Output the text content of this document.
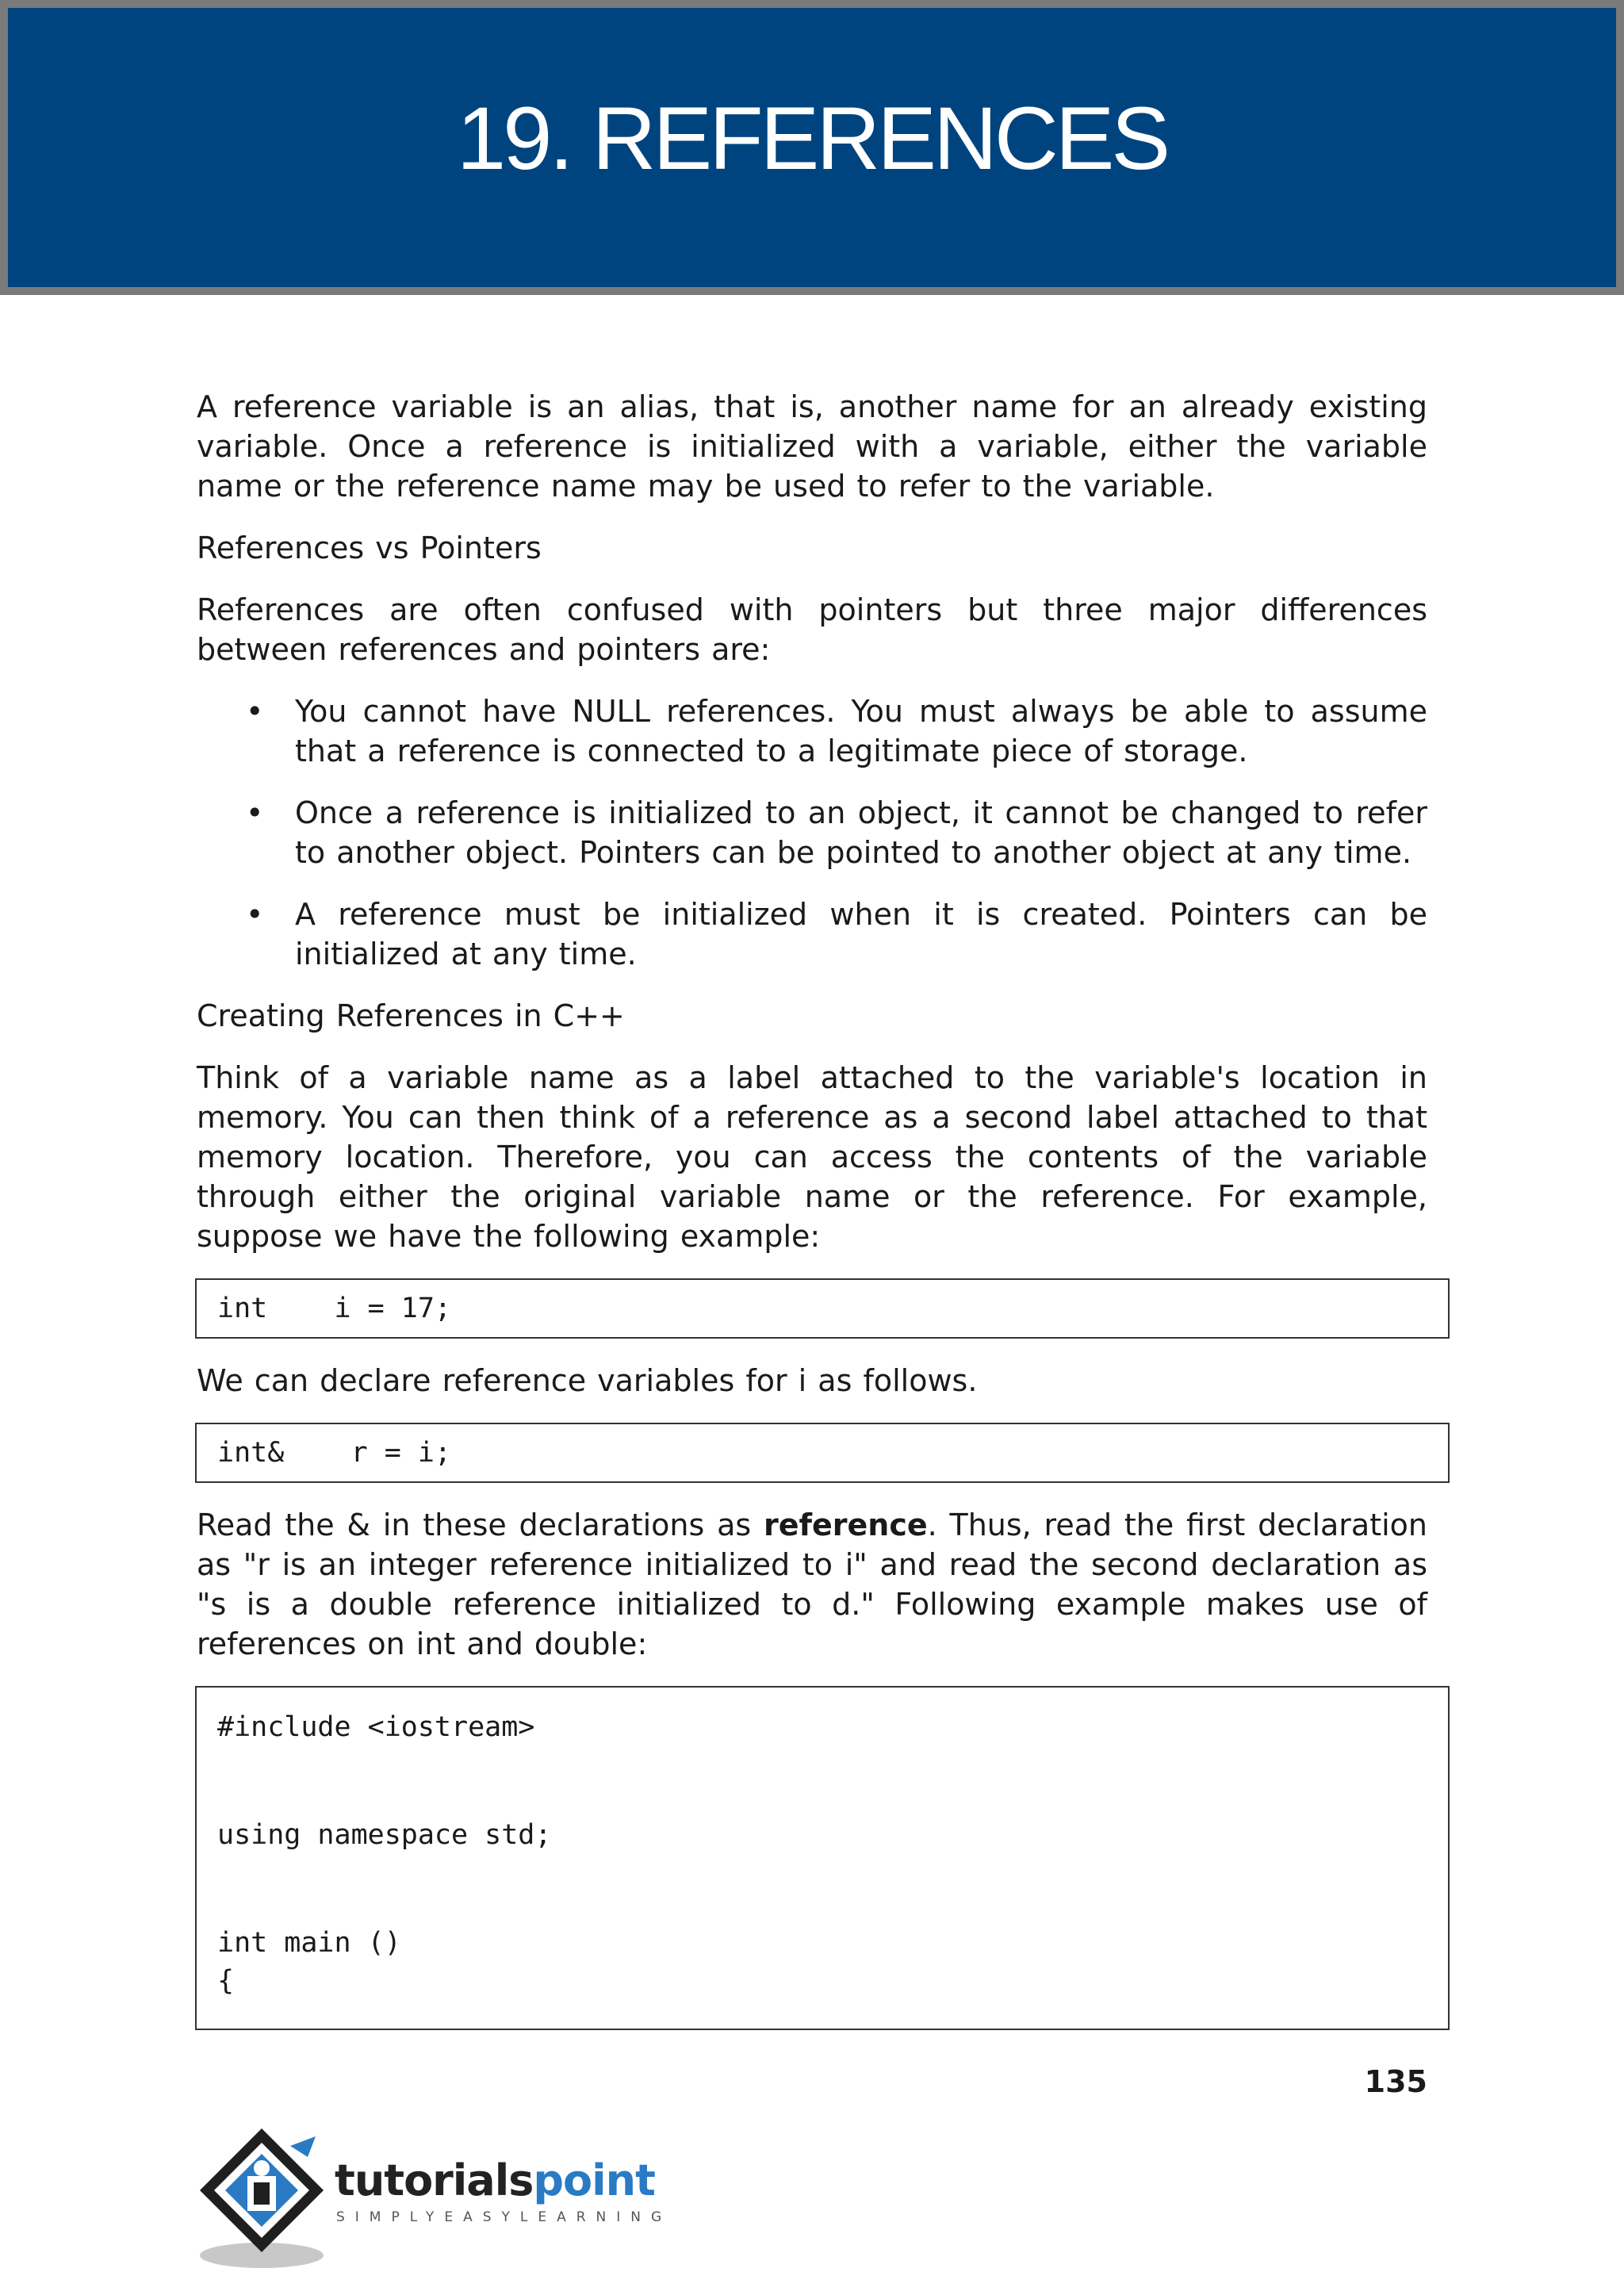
19. REFERENCES

A reference variable is an alias, that is, another name for an already existing variable. Once a reference is initialized with a variable, either the variable name or the reference name may be used to refer to the variable.

References vs Pointers

References are often confused with pointers but three major differences between references and pointers are:

• You cannot have NULL references. You must always be able to assume that a reference is connected to a legitimate piece of storage.
• Once a reference is initialized to an object, it cannot be changed to refer to another object. Pointers can be pointed to another object at any time.
• A reference must be initialized when it is created. Pointers can be initialized at any time.

Creating References in C++

Think of a variable name as a label attached to the variable's location in memory. You can then think of a reference as a second label attached to that memory location. Therefore, you can access the contents of the variable through either the original variable name or the reference. For example, suppose we have the following example:

int    i = 17;

We can declare reference variables for i as follows.

int&    r = i;

Read the & in these declarations as reference. Thus, read the first declaration as "r is an integer reference initialized to i" and read the second declaration as "s is a double reference initialized to d." Following example makes use of references on int and double:

#include <iostream>
using namespace std;
int main ()
{
135
tutorialspoint
SIMPLYEASYLEARNING
